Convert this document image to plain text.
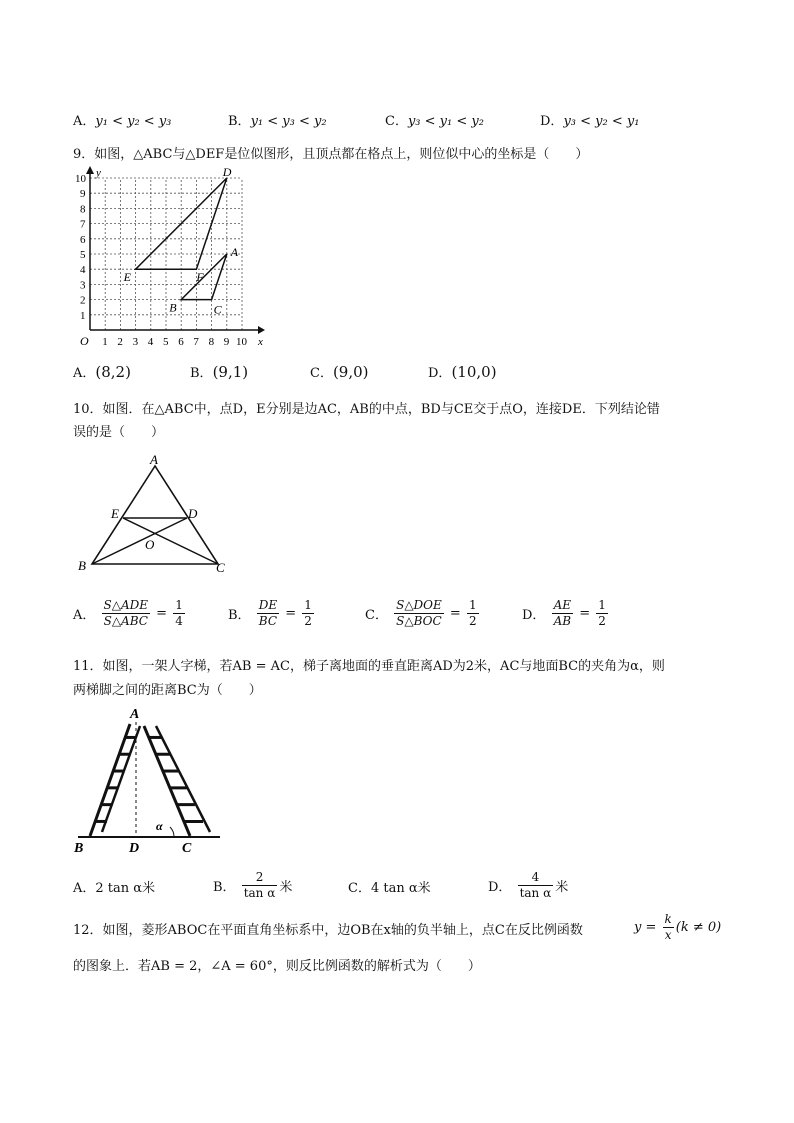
A．y₁ < y₂ < y₃	B．y₁ < y₃ < y₂	C．y₃ < y₁ < y₂	D．y₃ < y₂ < y₁
9．如图，△ABC与△DEF是位似图形，且顶点都在格点上，则位似中心的坐标是（　　）
y
x
O
1
2
3
4
5
6
7
8
9
10
1 2 3 4 5 6 7 8 9 10
D
E	F
A
B	C
A．(8,2)	B．(9,1)	C．(9,0)	D．(10,0)
10．如图．在△ABC中，点D，E分别是边AC，AB的中点，BD与CE交于点O，连接DE．下列结论错
误的是（　　）
A
B	C
D
E
O
A． $\frac{\text{S△ADE}}{\text{S△ABC}} = \frac{1}{4}$	B． $\frac{DE}{BC} = \frac{1}{2}$	C． $\frac{\text{S△DOE}}{\text{S△BOC}} = \frac{1}{2}$	D． $\frac{AE}{AB} = \frac{1}{2}$
11．如图，一架人字梯，若AB = AC，梯子离地面的垂直距离AD为2米，AC与地面BC的夹角为α，则
两梯脚之间的距离BC为（　　）
A
B	D	C
α
A．2 tan α米	B． $\frac{2}{\text{tan α}}$ 米	C．4 tan α米	D． $\frac{4}{\text{tan α}}$ 米
12．如图，菱形ABOC在平面直角坐标系中，边OB在x轴的负半轴上，点C在反比例函数	$y = \frac{k}{x} (k \ne 0)$
的图象上．若AB = 2，∠A = 60°，则反比例函数的解析式为（　　）
